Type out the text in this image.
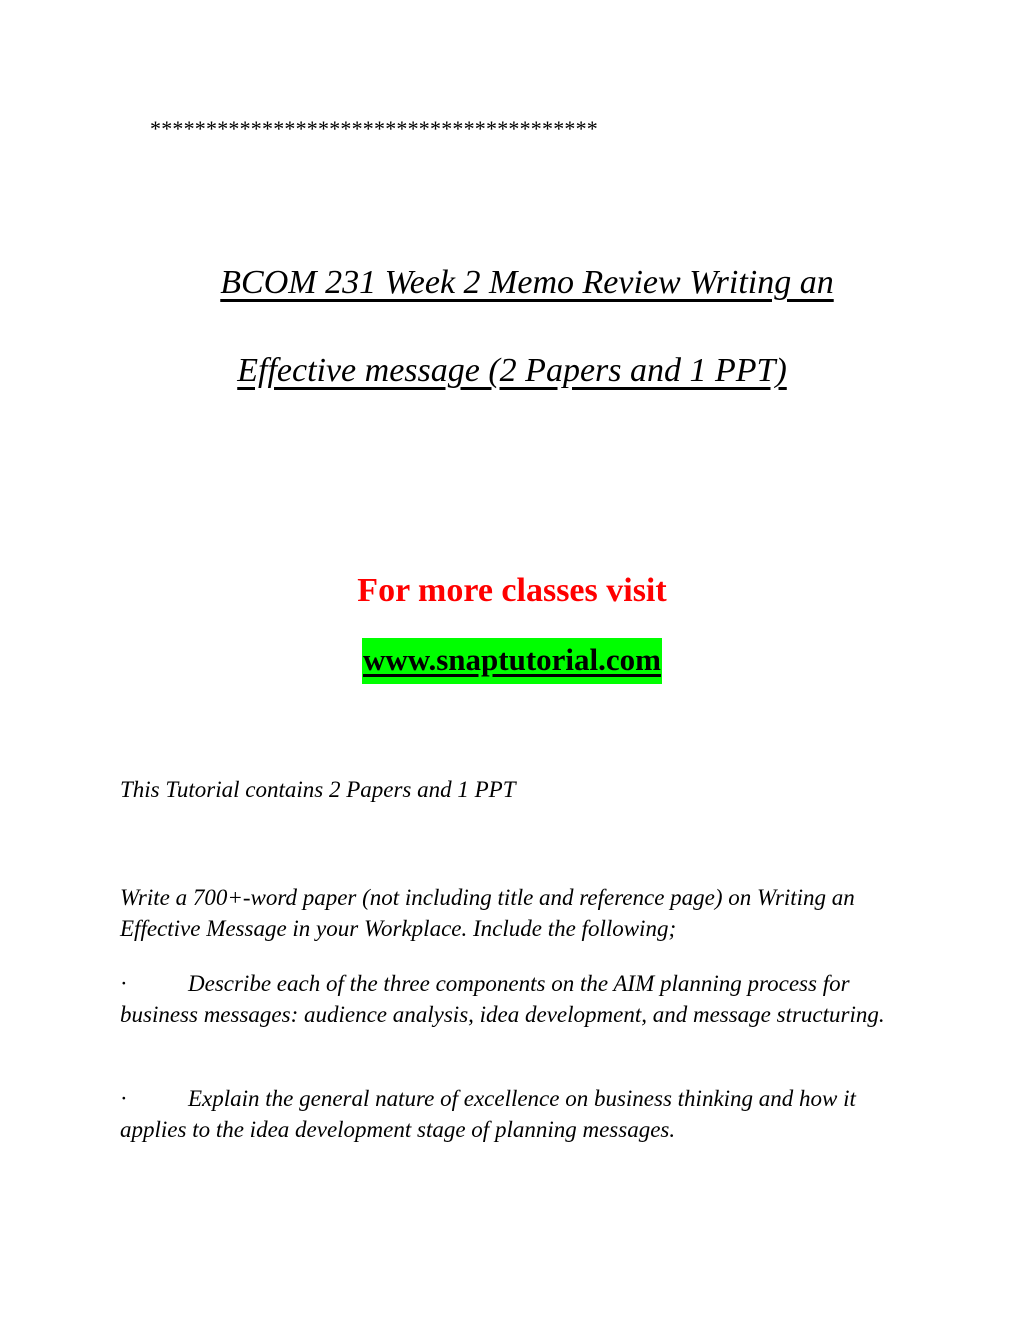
****************************************
BCOM 231 Week 2 Memo Review Writing an
Effective message (2 Papers and 1 PPT)
For more classes visit
www.snaptutorial.com
This Tutorial contains 2 Papers and 1 PPT
Write a 700+-word paper (not including title and reference page) on Writing an Effective Message in your Workplace. Include the following;
·	Describe each of the three components on the AIM planning process for business messages: audience analysis, idea development, and message structuring.
·	Explain the general nature of excellence on business thinking and how it applies to the idea development stage of planning messages.
